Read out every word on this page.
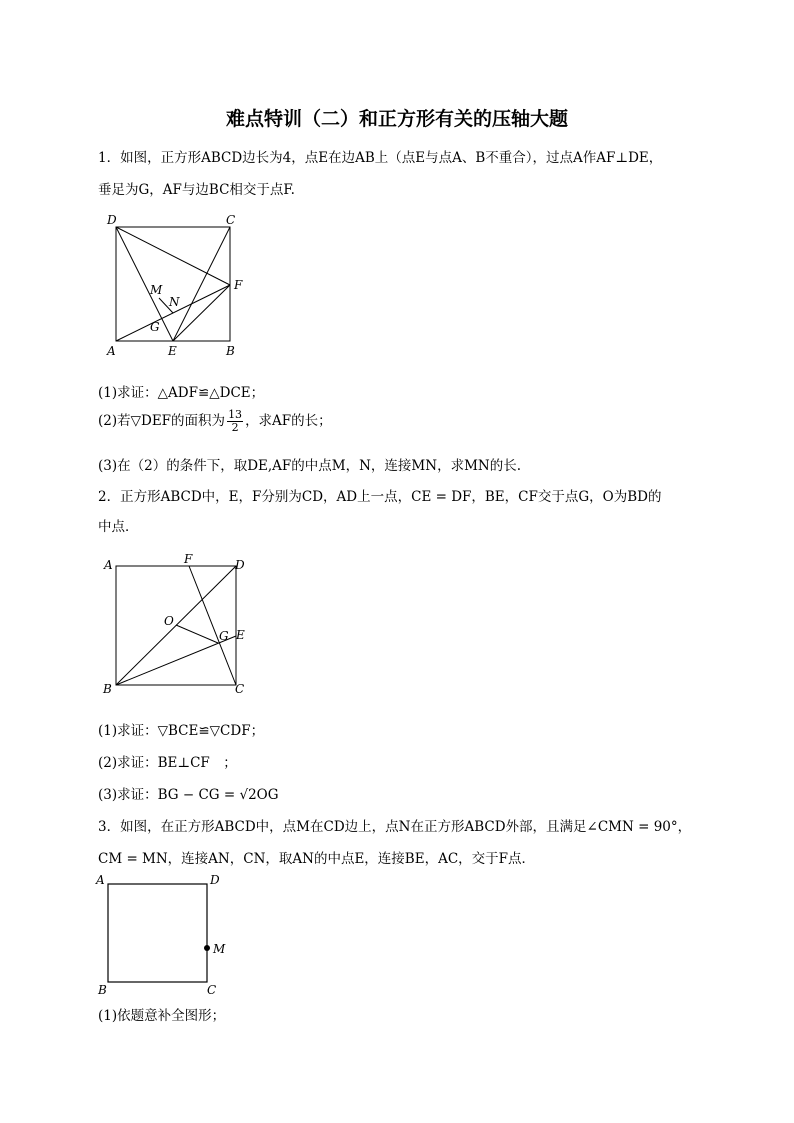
难点特训（二）和正方形有关的压轴大题
1．如图，正方形ABCD边长为4，点E在边AB上（点E与点A、B不重合），过点A作AF⊥DE，
垂足为G，AF与边BC相交于点F.
D	C
F
M
N
G
A	E	B
(1)求证：△ADF≌△DCE；
(2)若▽DEF的面积为 $\frac{13}{2}$ ，求AF的长；
(3)在（2）的条件下，取DE,AF的中点M，N，连接MN，求MN的长.
2．正方形ABCD中，E，F分别为CD，AD上一点，CE = DF，BE，CF交于点G，O为BD的
中点．
A	F	D
O
G E
B	C
(1)求证：▽BCE≌▽CDF；
(2)求证：BE⊥CF　；
(3)求证：BG − CG = √2OG
3．如图，在正方形ABCD中，点M在CD边上，点N在正方形ABCD外部，且满足∠CMN = 90°，
CM = MN，连接AN，CN，取AN的中点E，连接BE，AC，交于F点．
A	D
M
B	C
(1)依题意补全图形；
